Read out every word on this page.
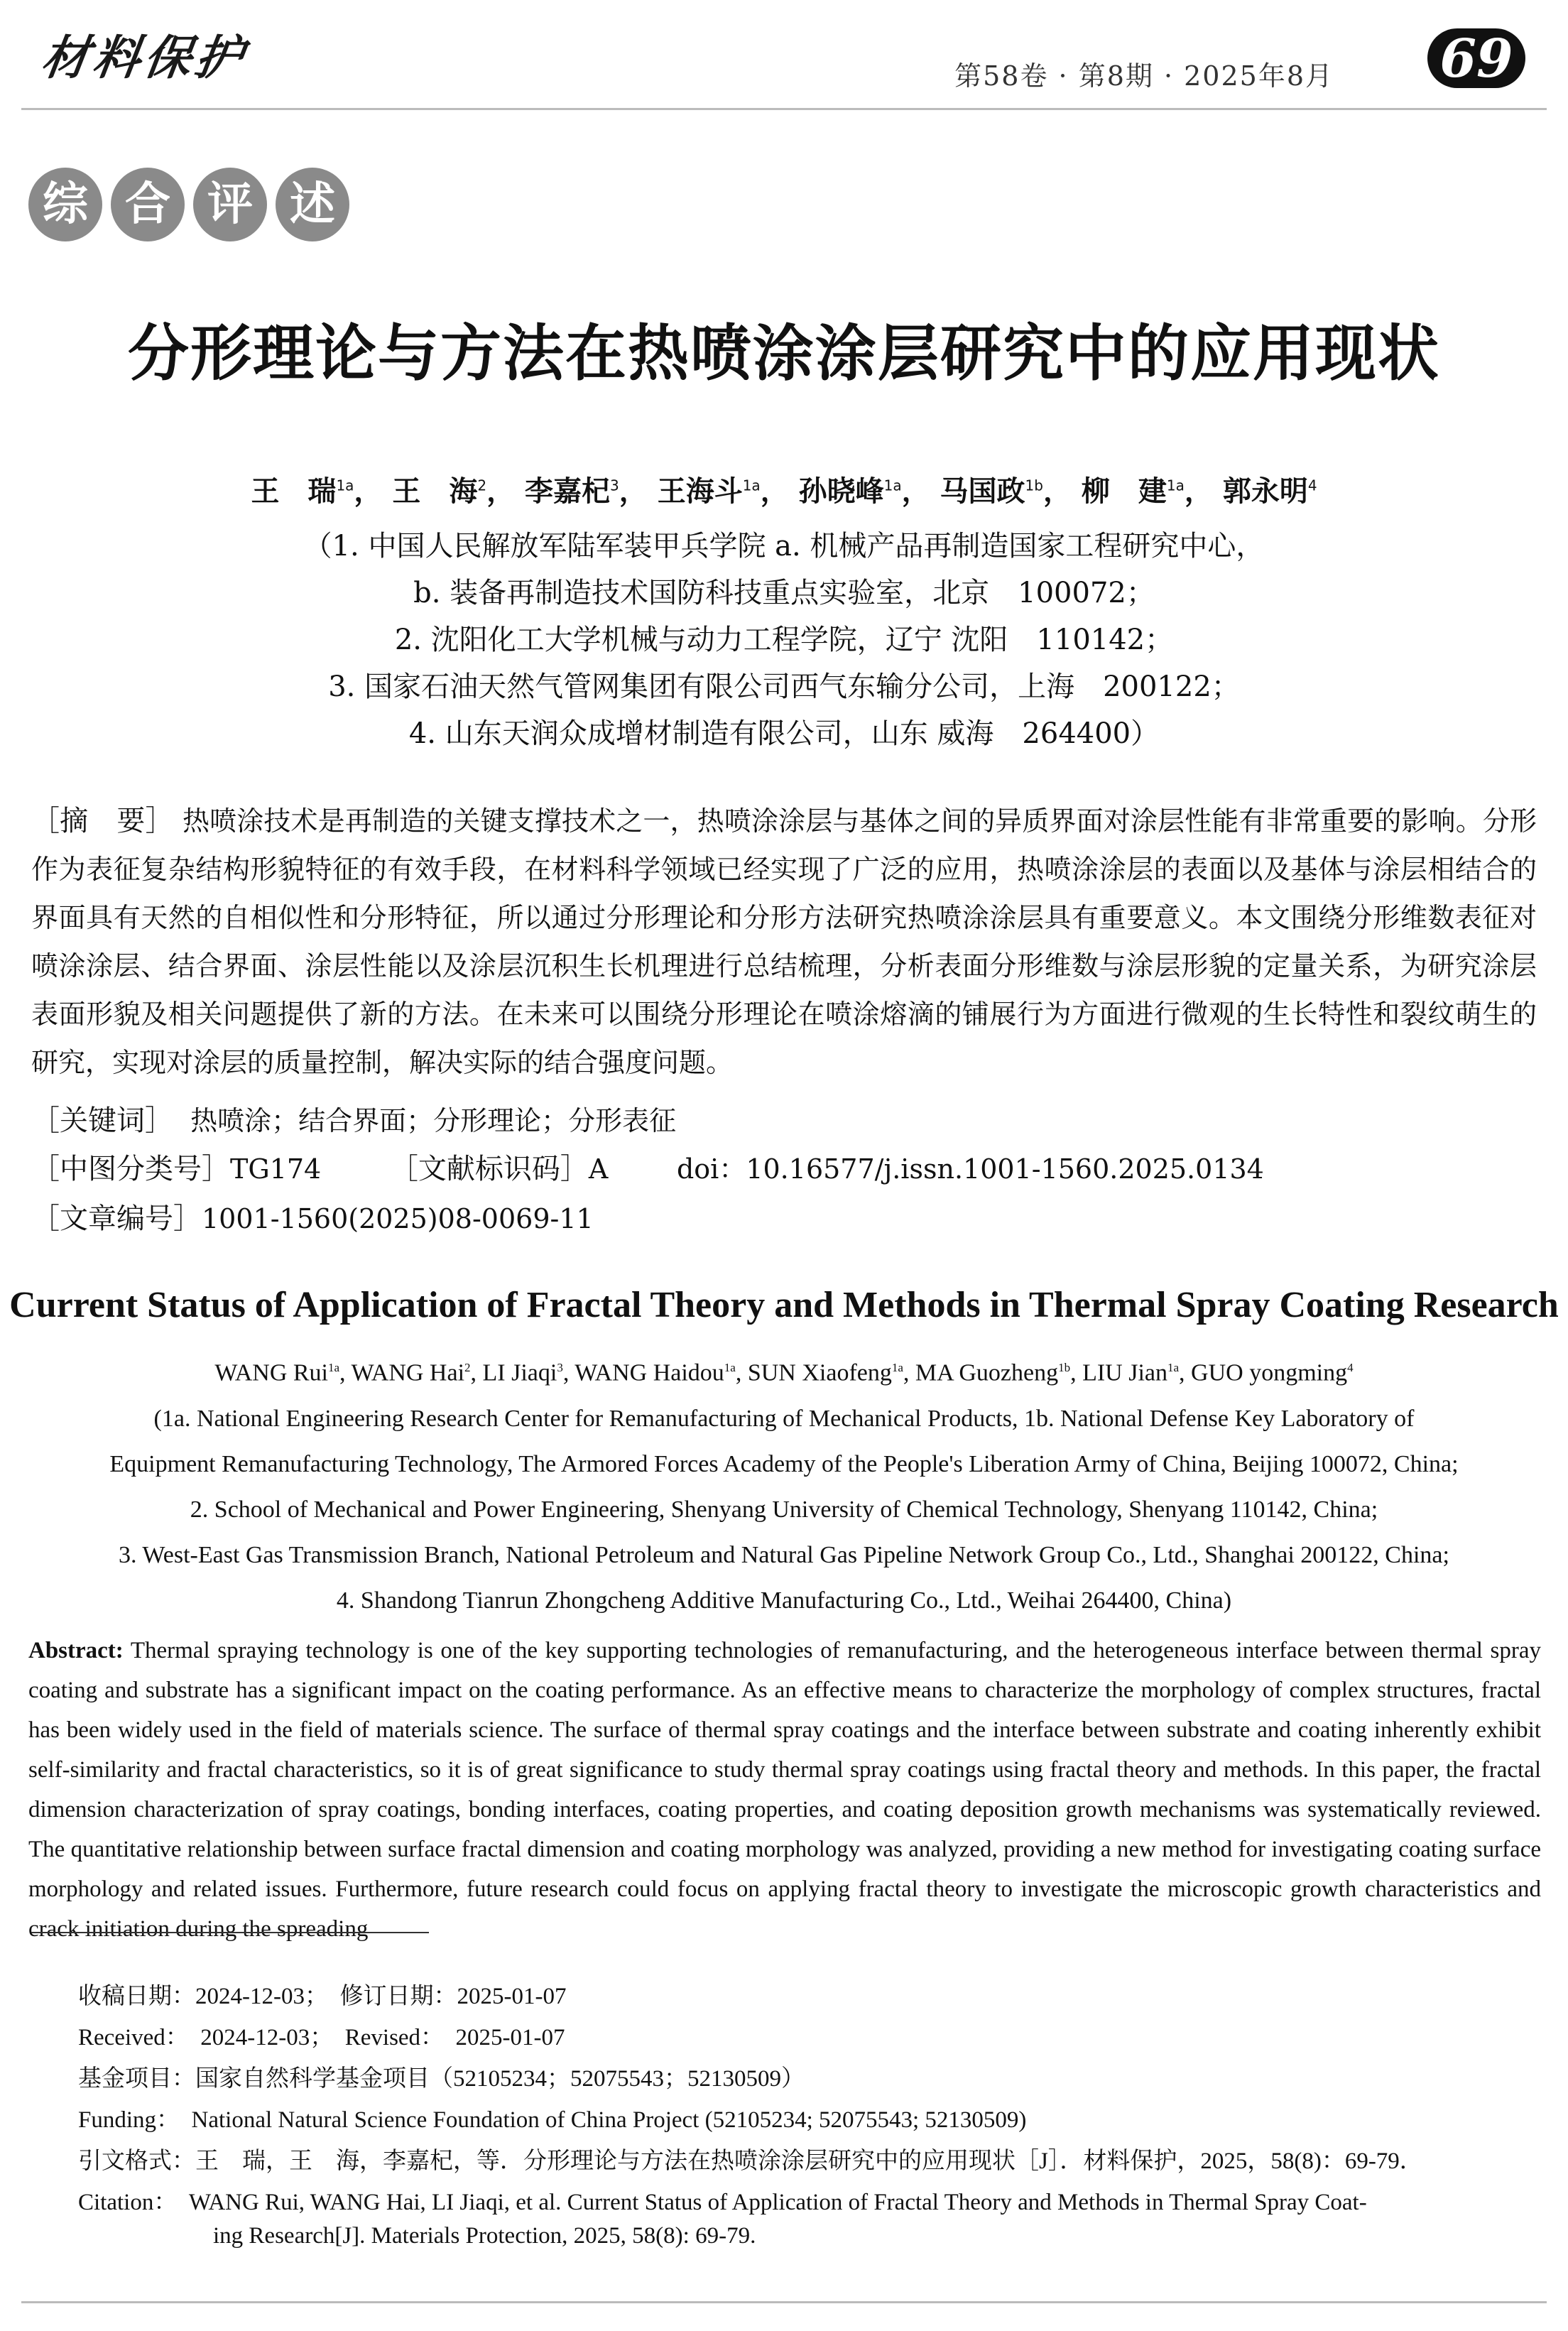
材料保护	第58卷 · 第8期 · 2025年8月 69
综 合 评 述
分形理论与方法在热喷涂涂层研究中的应用现状
王　瑞$^{1a}$， 王　海$^2$， 李嘉杞$^3$， 王海斗$^{1a}$， 孙晓峰$^{1a}$， 马国政$^{1b}$， 柳　建$^{1a}$， 郭永明$^4$
（1. 中国人民解放军陆军装甲兵学院 a. 机械产品再制造国家工程研究中心，
b. 装备再制造技术国防科技重点实验室，北京　100072；
2. 沈阳化工大学机械与动力工程学院，辽宁 沈阳　110142；
3. 国家石油天然气管网集团有限公司西气东输分公司，上海　200122；
4. 山东天润众成增材制造有限公司，山东 威海　264400）
［摘　要］ 热喷涂技术是再制造的关键支撑技术之一，热喷涂涂层与基体之间的异质界面对涂层性能有非常重要的影响。分形作为表征复杂结构形貌特征的有效手段，在材料科学领域已经实现了广泛的应用，热喷涂涂层的表面以及基体与涂层相结合的界面具有天然的自相似性和分形特征，所以通过分形理论和分形方法研究热喷涂涂层具有重要意义。本文围绕分形维数表征对喷涂涂层、结合界面、涂层性能以及涂层沉积生长机理进行总结梳理，分析表面分形维数与涂层形貌的定量关系，为研究涂层表面形貌及相关问题提供了新的方法。在未来可以围绕分形理论在喷涂熔滴的铺展行为方面进行微观的生长特性和裂纹萌生的研究，实现对涂层的质量控制，解决实际的结合强度问题。
［关键词］ 热喷涂；结合界面；分形理论；分形表征
［中图分类号］TG174 ［文献标识码］A	doi：10.16577/j.issn.1001-1560.2025.0134
［文章编号］1001-1560(2025)08-0069-11
Current Status of Application of Fractal Theory and Methods in Thermal Spray Coating Research
WANG Rui$^{1a}$, WANG Hai$^2$, LI Jiaqi$^3$, WANG Haidou$^{1a}$, SUN Xiaofeng$^{1a}$, MA Guozheng$^{1b}$, LIU Jian$^{1a}$, GUO yongming$^4$
(1a. National Engineering Research Center for Remanufacturing of Mechanical Products, 1b. National Defense Key Laboratory of
Equipment Remanufacturing Technology, The Armored Forces Academy of the People's Liberation Army of China, Beijing 100072, China;
2. School of Mechanical and Power Engineering, Shenyang University of Chemical Technology, Shenyang 110142, China;
3. West-East Gas Transmission Branch, National Petroleum and Natural Gas Pipeline Network Group Co., Ltd., Shanghai 200122, China;
4. Shandong Tianrun Zhongcheng Additive Manufacturing Co., Ltd., Weihai 264400, China)
Abstract: Thermal spraying technology is one of the key supporting technologies of remanufacturing, and the heterogeneous interface between thermal spray coating and substrate has a significant impact on the coating performance. As an effective means to characterize the morphology of complex structures, fractal has been widely used in the field of materials science. The surface of thermal spray coatings and the interface between substrate and coating inherently exhibit self-similarity and fractal characteristics, so it is of great significance to study thermal spray coatings using fractal theory and methods. In this paper, the fractal dimension characterization of spray coatings, bonding interfaces, coating properties, and coating deposition growth mechanisms was systematically reviewed. The quantitative relationship between surface fractal dimension and coating morphology was analyzed, providing a new method for investigating coating surface morphology and related issues. Furthermore, future research could focus on applying fractal theory to investigate the microscopic growth characteristics and crack initiation during the spreading
收稿日期：2024-12-03；　修订日期：2025-01-07
Received：　2024-12-03；　Revised：　2025-01-07
基金项目：国家自然科学基金项目（52105234；52075543；52130509）
Funding：　National Natural Science Foundation of China Project (52105234; 52075543; 52130509)
引文格式：王　瑞，王　海，李嘉杞，等．分形理论与方法在热喷涂涂层研究中的应用现状［J］．材料保护，2025，58(8)：69-79．
Citation：　WANG Rui, WANG Hai, LI Jiaqi, et al. Current Status of Application of Fractal Theory and Methods in Thermal Spray Coat-
ing Research[J]. Materials Protection, 2025, 58(8): 69-79.
